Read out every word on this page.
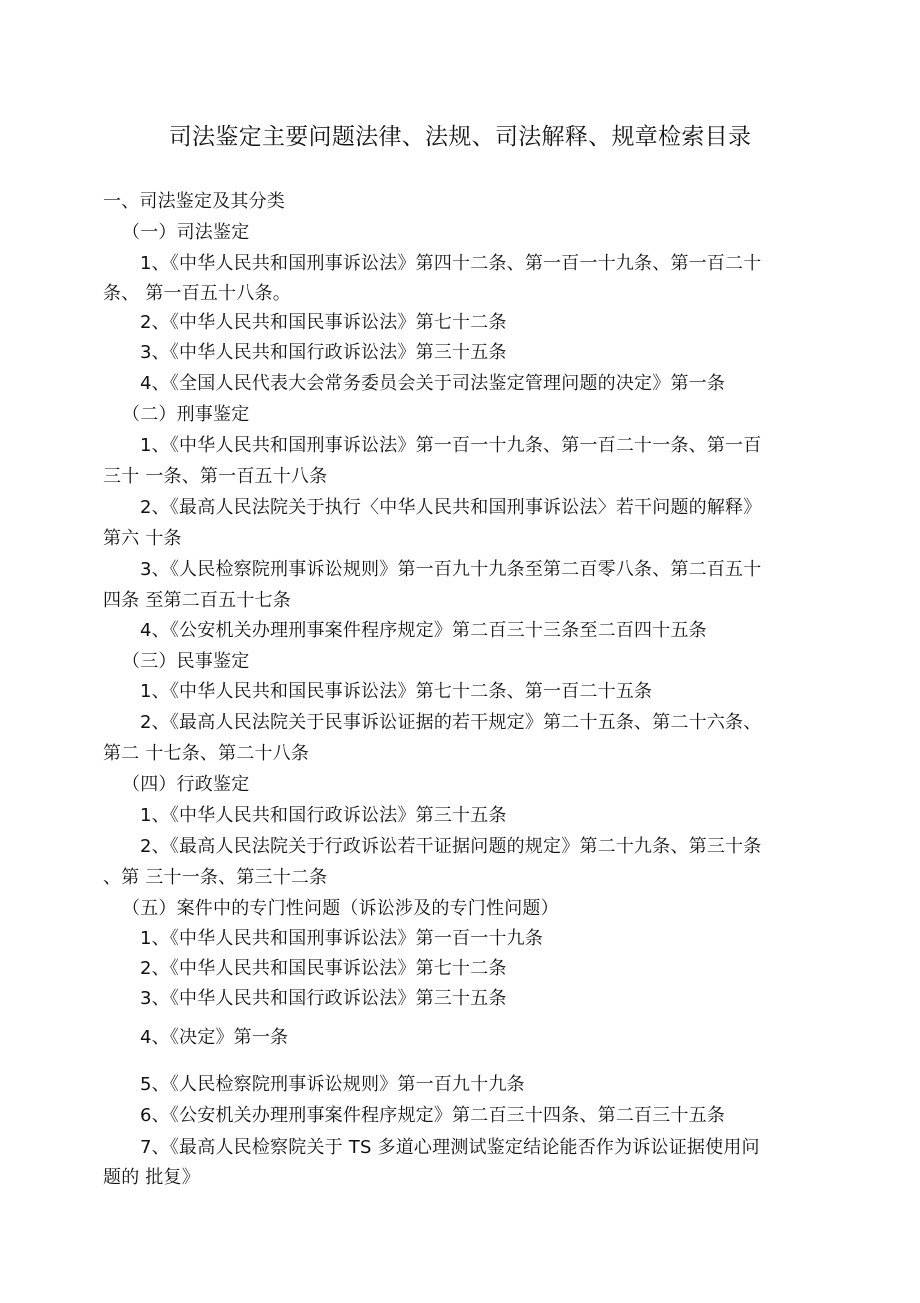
司法鉴定主要问题法律、法规、司法解释、规章检索目录
一、司法鉴定及其分类
（一）司法鉴定
1、《中华人民共和国刑事诉讼法》第四十二条、第一百一十九条、第一百二十
条、 第一百五十八条。
2、《中华人民共和国民事诉讼法》第七十二条
3、《中华人民共和国行政诉讼法》第三十五条
4、《全国人民代表大会常务委员会关于司法鉴定管理问题的决定》第一条
（二）刑事鉴定
1、《中华人民共和国刑事诉讼法》第一百一十九条、第一百二十一条、第一百
三十 一条、第一百五十八条
2、《最高人民法院关于执行〈中华人民共和国刑事诉讼法〉若干问题的解释》
第六 十条
3、《人民检察院刑事诉讼规则》第一百九十九条至第二百零八条、第二百五十
四条 至第二百五十七条
4、《公安机关办理刑事案件程序规定》第二百三十三条至二百四十五条
（三）民事鉴定
1、《中华人民共和国民事诉讼法》第七十二条、第一百二十五条
2、《最高人民法院关于民事诉讼证据的若干规定》第二十五条、第二十六条、
第二 十七条、第二十八条
（四）行政鉴定
1、《中华人民共和国行政诉讼法》第三十五条
2、《最高人民法院关于行政诉讼若干证据问题的规定》第二十九条、第三十条
、第 三十一条、第三十二条
（五）案件中的专门性问题（诉讼涉及的专门性问题）
1、《中华人民共和国刑事诉讼法》第一百一十九条
2、《中华人民共和国民事诉讼法》第七十二条
3、《中华人民共和国行政诉讼法》第三十五条
4、《决定》第一条
5、《人民检察院刑事诉讼规则》第一百九十九条
6、《公安机关办理刑事案件程序规定》第二百三十四条、第二百三十五条
7、《最高人民检察院关于 TS 多道心理测试鉴定结论能否作为诉讼证据使用问
题的 批复》
